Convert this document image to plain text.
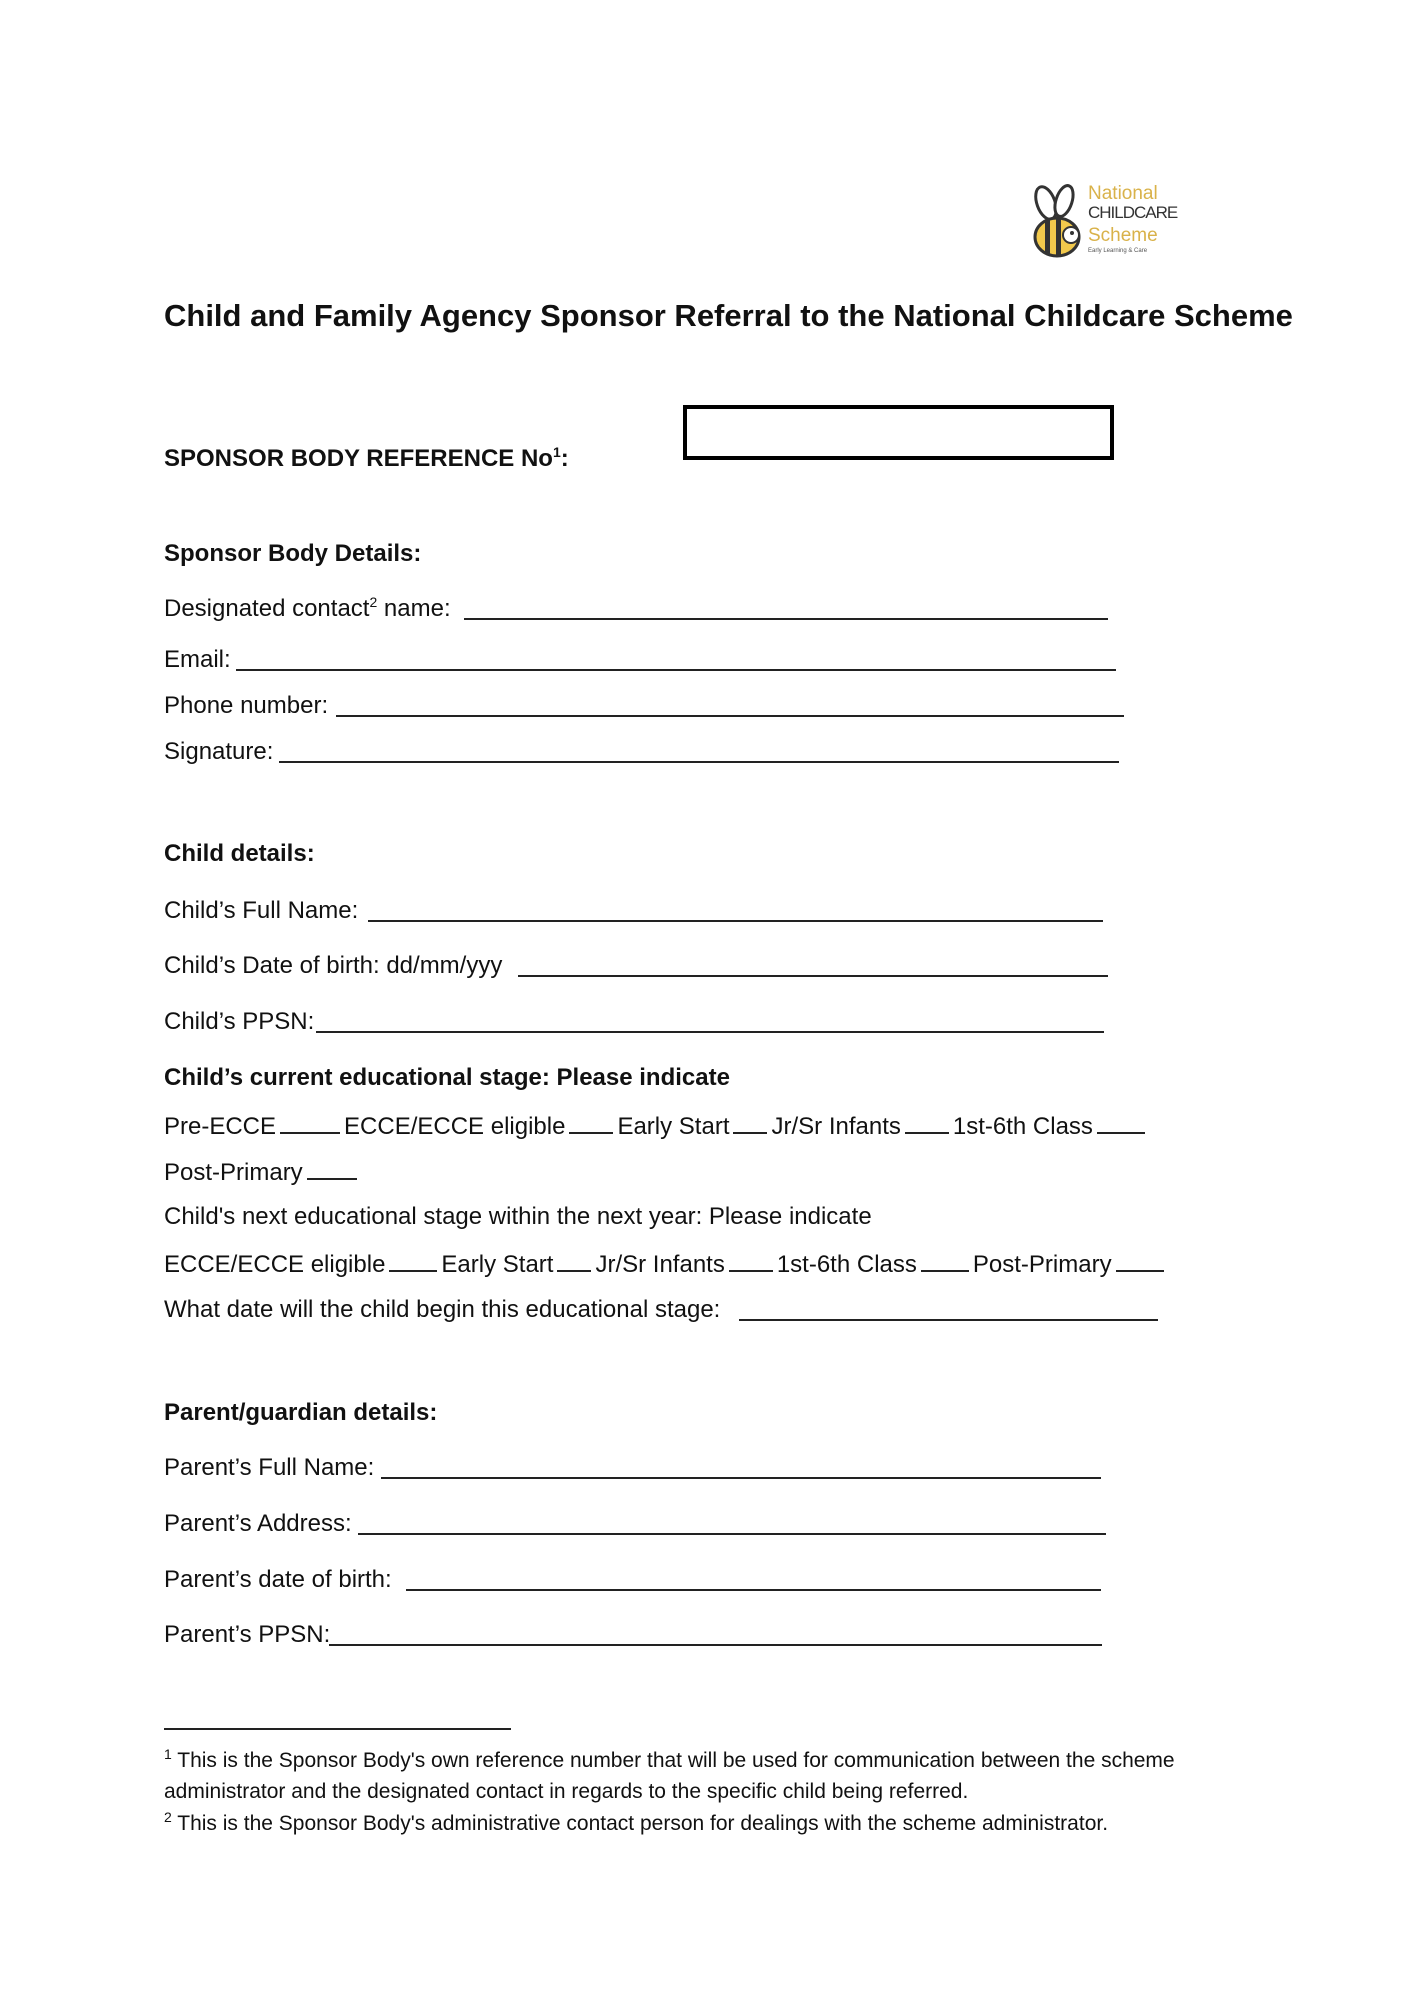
National
CHILDCARE
Scheme
Early Learning & Care
Child and Family Agency Sponsor Referral to the National Childcare Scheme
SPONSOR BODY REFERENCE No$^1$:
Sponsor Body Details:
Designated contact$^2$ name:
Email:
Phone number:
Signature:
Child details:
Child’s Full Name:
Child’s Date of birth: dd/mm/yyy
Child’s PPSN:
Child’s current educational stage: Please indicate
Pre-ECCE	ECCE/ECCE eligible Early Start Jr/Sr Infants 1st-6th Class
Post-Primary
Child's next educational stage within the next year: Please indicate
ECCE/ECCE eligible Early Start Jr/Sr Infants 1st-6th Class Post-Primary
What date will the child begin this educational stage:
Parent/guardian details:
Parent’s Full Name:
Parent’s Address:
Parent’s date of birth:
Parent’s PPSN:
$^1$ This is the Sponsor Body's own reference number that will be used for communication between the scheme
administrator and the designated contact in regards to the specific child being referred.
$^2$ This is the Sponsor Body's administrative contact person for dealings with the scheme administrator.
